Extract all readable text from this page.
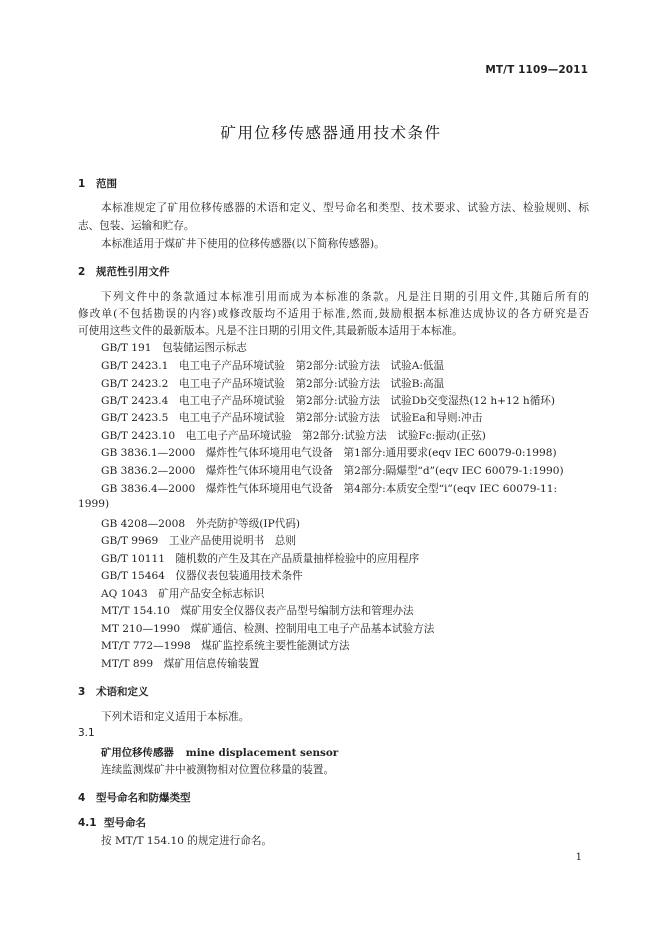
MT/T 1109—2011
矿用位移传感器通用技术条件
1 范围
本标准规定了矿用位移传感器的术语和定义、型号命名和类型、技术要求、试验方法、检验规则、标
志、包装、运输和贮存。
本标准适用于煤矿井下使用的位移传感器(以下简称传感器)。
2 规范性引用文件
下列文件中的条款通过本标准引用而成为本标准的条款。凡是注日期的引用文件,其随后所有的
修改单(不包括勘误的内容)或修改版均不适用于标准,然而,鼓励根据本标准达成协议的各方研究是否
可使用这些文件的最新版本。凡是不注日期的引用文件,其最新版本适用于本标准。
GB/T 191　 包装储运图示标志
GB/T 2423.1　 电工电子产品环境试验　第2部分:试验方法　试验A:低温
GB/T 2423.2　 电工电子产品环境试验　第2部分:试验方法　试验B:高温
GB/T 2423.4　 电工电子产品环境试验　第2部分:试验方法　试验Db交变湿热(12 h+12 h循环)
GB/T 2423.5　 电工电子产品环境试验　第2部分:试验方法　试验Ea和导则:冲击
GB/T 2423.10　 电工电子产品环境试验　第2部分:试验方法　试验Fc:振动(正弦)
GB 3836.1—2000　 爆炸性气体环境用电气设备　第1部分:通用要求(eqv IEC 60079-0:1998)
GB 3836.2—2000　 爆炸性气体环境用电气设备　第2部分:隔爆型“d”(eqv IEC 60079-1:1990)
GB 3836.4—2000　 爆炸性气体环境用电气设备　第4部分:本质安全型“i”(eqv IEC 60079-11:
1999)
GB 4208—2008　 外壳防护等级(IP代码)
GB/T 9969　 工业产品使用说明书　总则
GB/T 10111　 随机数的产生及其在产品质量抽样检验中的应用程序
GB/T 15464　 仪器仪表包装通用技术条件
AQ 1043　 矿用产品安全标志标识
MT/T 154.10　 煤矿用安全仪器仪表产品型号编制方法和管理办法
MT 210—1990　 煤矿通信、检测、控制用电工电子产品基本试验方法
MT/T 772—1998　 煤矿监控系统主要性能测试方法
MT/T 899　 煤矿用信息传输装置
3 术语和定义
下列术语和定义适用于本标准。
3.1
矿用位移传感器 mine displacement sensor
连续监测煤矿井中被测物相对位置位移量的装置。
4 型号命名和防爆类型
4.1 型号命名
按 MT/T 154.10 的规定进行命名。
1
